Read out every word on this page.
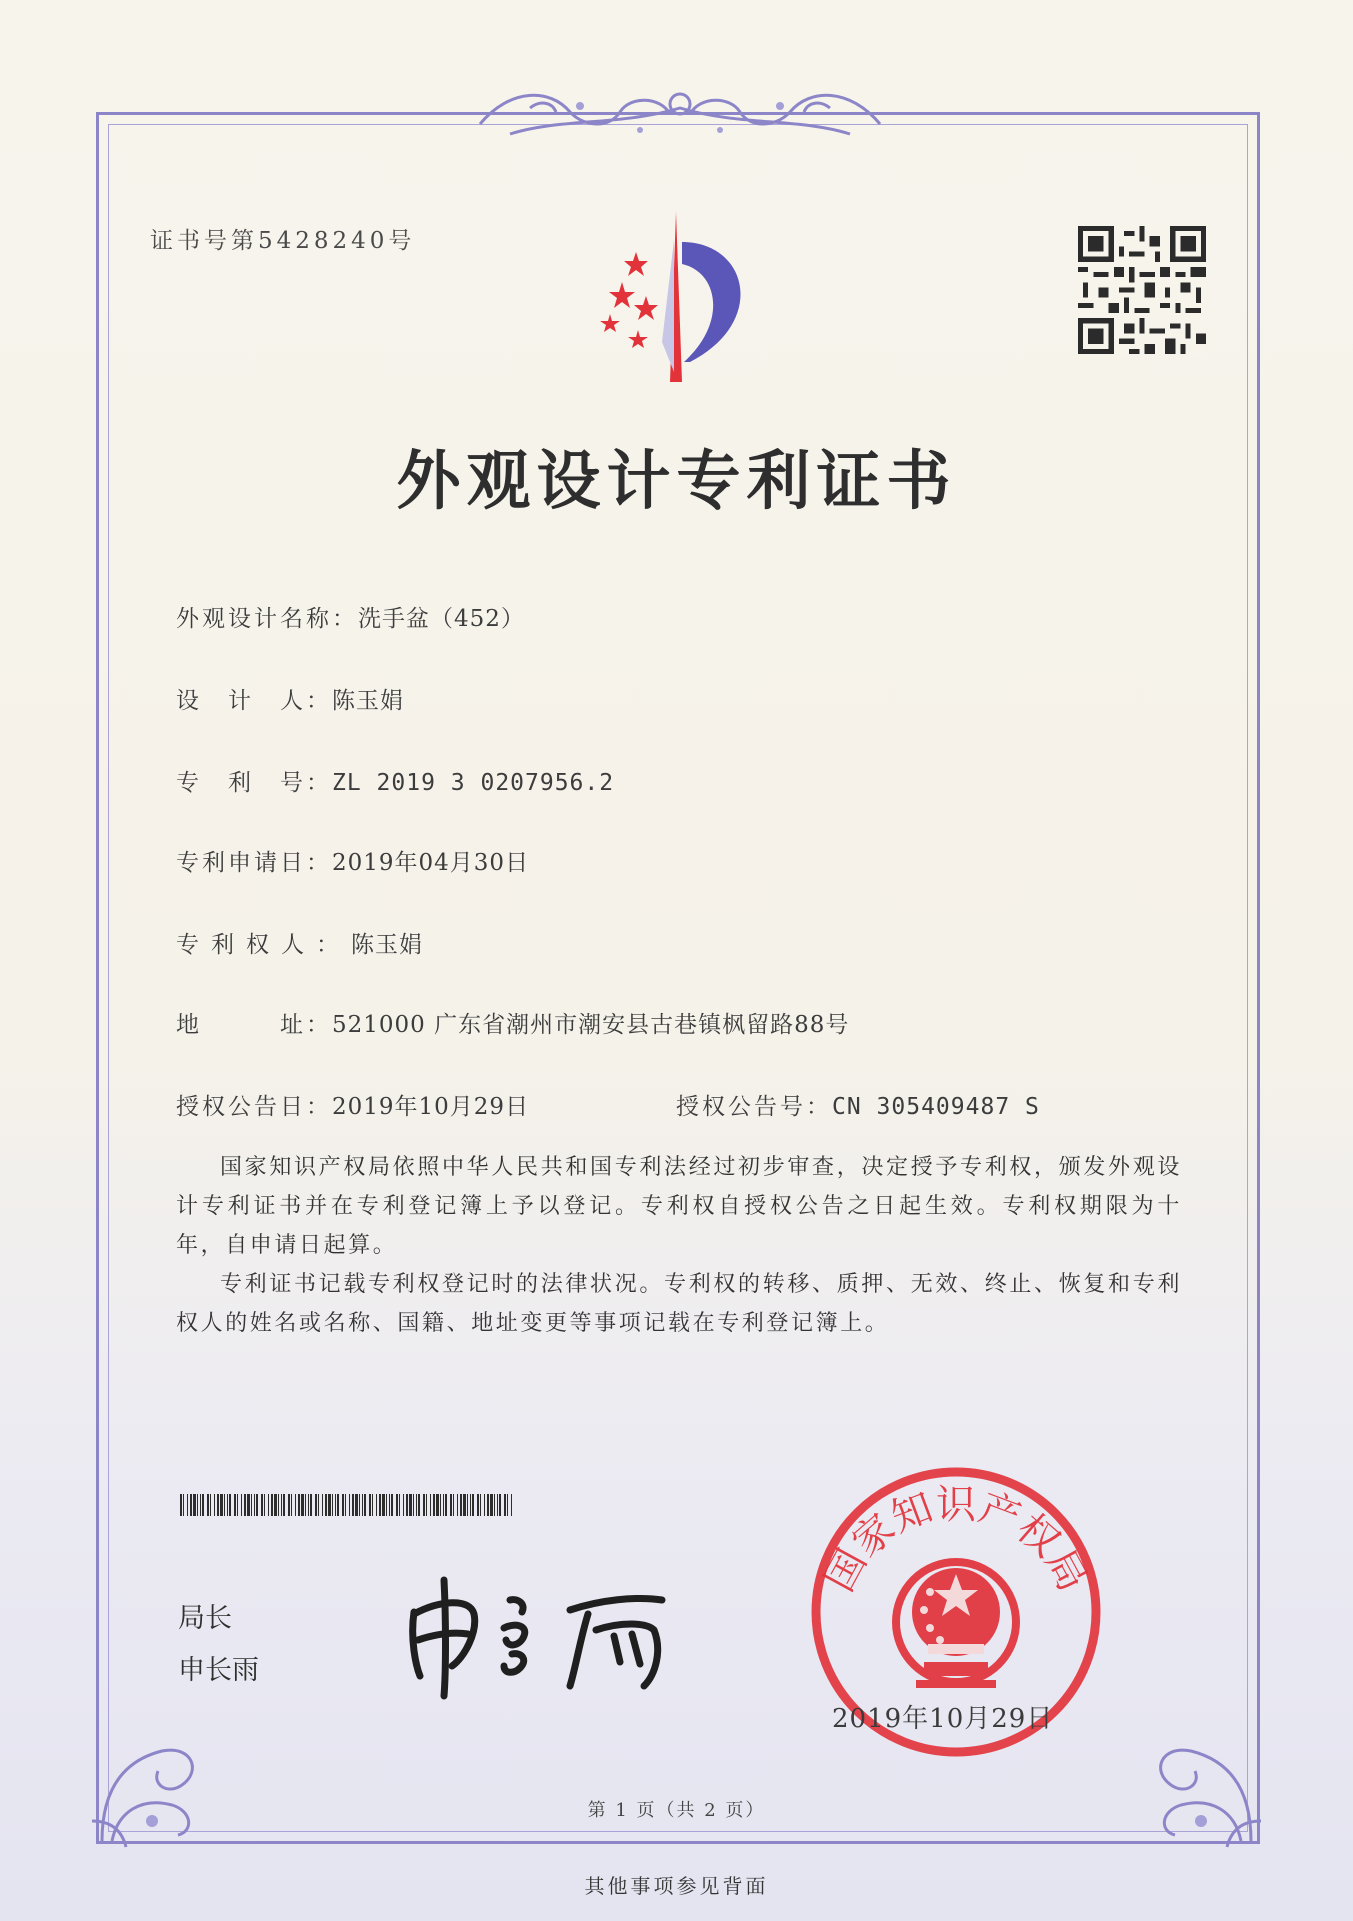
证书号第5428240号
外观设计专利证书
外观设计名称：洗手盆（452）
设　计　人：陈玉娟
专　利　号：ZL 2019 3 0207956.2
专利申请日：2019年04月30日
专利权人：陈玉娟
地　　　址：521000 广东省潮州市潮安县古巷镇枫留路88号
授权公告日：2019年10月29日	授权公告号：CN 305409487 S

国家知识产权局依照中华人民共和国专利法经过初步审查，决定授予专利权，颁发外观设计专利证书并在专利登记簿上予以登记。专利权自授权公告之日起生效。专利权期限为十年，自申请日起算。

专利证书记载专利权登记时的法律状况。专利权的转移、质押、无效、终止、恢复和专利权人的姓名或名称、国籍、地址变更等事项记载在专利登记簿上。

局长
申长雨
国家知识产权局
2019年10月29日
第 1 页（共 2 页）
其他事项参见背面
